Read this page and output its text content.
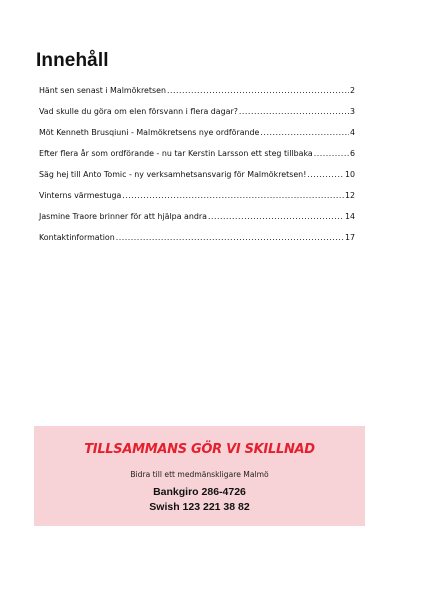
Innehåll
Hänt sen senast i Malmökretsen .....	2
Vad skulle du göra om elen försvann i flera dagar? .....	3
Möt Kenneth Brusqiuni - Malmökretsens nye ordförande .....	4
Efter flera år som ordförande - nu tar Kerstin Larsson ett steg tillbaka .....	6
Säg hej till Anto Tomic - ny verksamhetsansvarig för Malmökretsen! .....	10
Vinterns värmestuga .....	12
Jasmine Traore brinner för att hjälpa andra .....	14
Kontaktinformation .....	17
TILLSAMMANS GÖR VI SKILLNAD
Bidra till ett medmänskligare Malmö
Bankgiro 286-4726
Swish 123 221 38 82
